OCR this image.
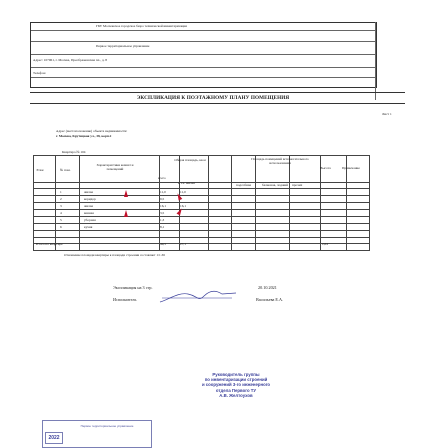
ГБУ Московское городское бюро технической инвентаризации
Первое территориальное управление
Адрес: 107061, г. Москва, Преображенская пл., д. 8
Телефон
Лист 1
ЭКСПЛИКАЦИЯ К ПОЭТАЖНОМУ ПЛАНУ ПОМЕЩЕНИЯ
Адрес (местоположение) объекта недвижимости:
г. Москва, Крутицкая ул., 38, корп.2
Квартира № 104
Этаж	№ пом.
Характеристики комнат и помещений
Общая площадь, кв.м	Площадь помещений вспомогательного использования
Высота	Примечание
всего
в т.ч. жилая	подсобная	балконов, лоджий прочих
1	жилая	11,0	11,0
2	коридор	9,5
3	жилая	16,1	16,1
4	ванная	3,5
5	уборная	1,3
6	кухня	8,1
Итого по квартире	49,5	27,1	2,64
Отношение площади квартиры к площади строения составляет 1/1.36
Экспликация на 3 стр.	20.10.2021
Исполнитель	Васильева Е.А.
Руководитель группы
по инвентаризации строений
и сооружений 3-го инженерного
отдела Первого ТУ
А.В. Желтоухов
2022
Первое территориальное управление
